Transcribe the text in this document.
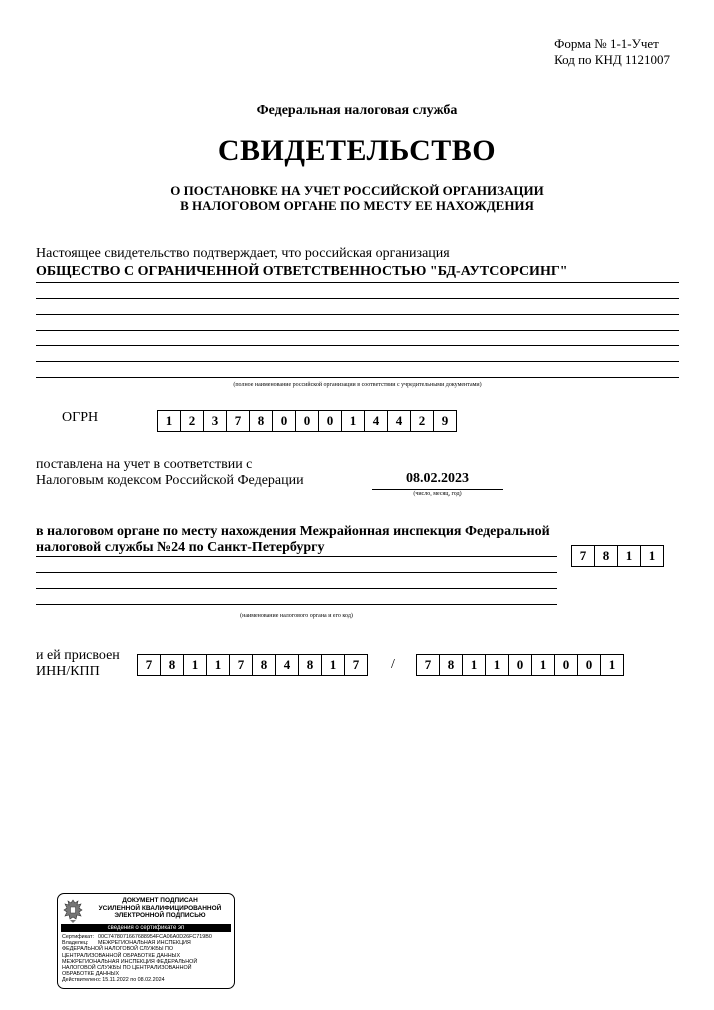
Форма № 1-1-Учет
Код по КНД 1121007
Федеральная налоговая служба
СВИДЕТЕЛЬСТВО
О ПОСТАНОВКЕ НА УЧЕТ РОССИЙСКОЙ ОРГАНИЗАЦИИ
В НАЛОГОВОМ ОРГАНЕ ПО МЕСТУ ЕЕ НАХОЖДЕНИЯ
Настоящее свидетельство подтверждает, что российская организация
ОБЩЕСТВО С ОГРАНИЧЕННОЙ ОТВЕТСТВЕННОСТЬЮ "БД-АУТСОРСИНГ"
(полное наименование российской организации в соответствии с учредительными документами)
ОГРН	1	2	3	7	8	0	0	0	1	4	4	2	9
поставлена на учет в соответствии с
Налоговым кодексом Российской Федерации	08.02.2023
(число, месяц, год)
в налоговом органе по месту нахождения Межрайонная инспекция Федеральной
налоговой службы №24 по Санкт-Петербургу
(наименование налогового органа и его код)
7	8	1	1
и ей присвоен
ИНН/КПП	7	8	1	1	7	8	4	8	1	7	/	7	8	1	1	0	1	0	0	1
ДОКУМЕНТ ПОДПИСАН
УСИЛЕННОЙ КВАЛИФИЦИРОВАННОЙ
ЭЛЕКТРОННОЙ ПОДПИСЬЮ
сведения о сертификате эп
Сертификат: 00C7478071667688954FCA06A0D26FC719B0
Владелец: МЕЖРЕГИОНАЛЬНАЯ ИНСПЕКЦИЯ
ФЕДЕРАЛЬНОЙ НАЛОГОВОЙ СЛУЖБЫ ПО
ЦЕНТРАЛИЗОВАННОЙ ОБРАБОТКЕ ДАННЫХ
МЕЖРЕГИОНАЛЬНАЯ ИНСПЕКЦИЯ ФЕДЕРАЛЬНОЙ
НАЛОГОВОЙ СЛУЖБЫ ПО ЦЕНТРАЛИЗОВАННОЙ
ОБРАБОТКЕ ДАННЫХ
Действителен:с 15.11.2022 по 08.02.2024
